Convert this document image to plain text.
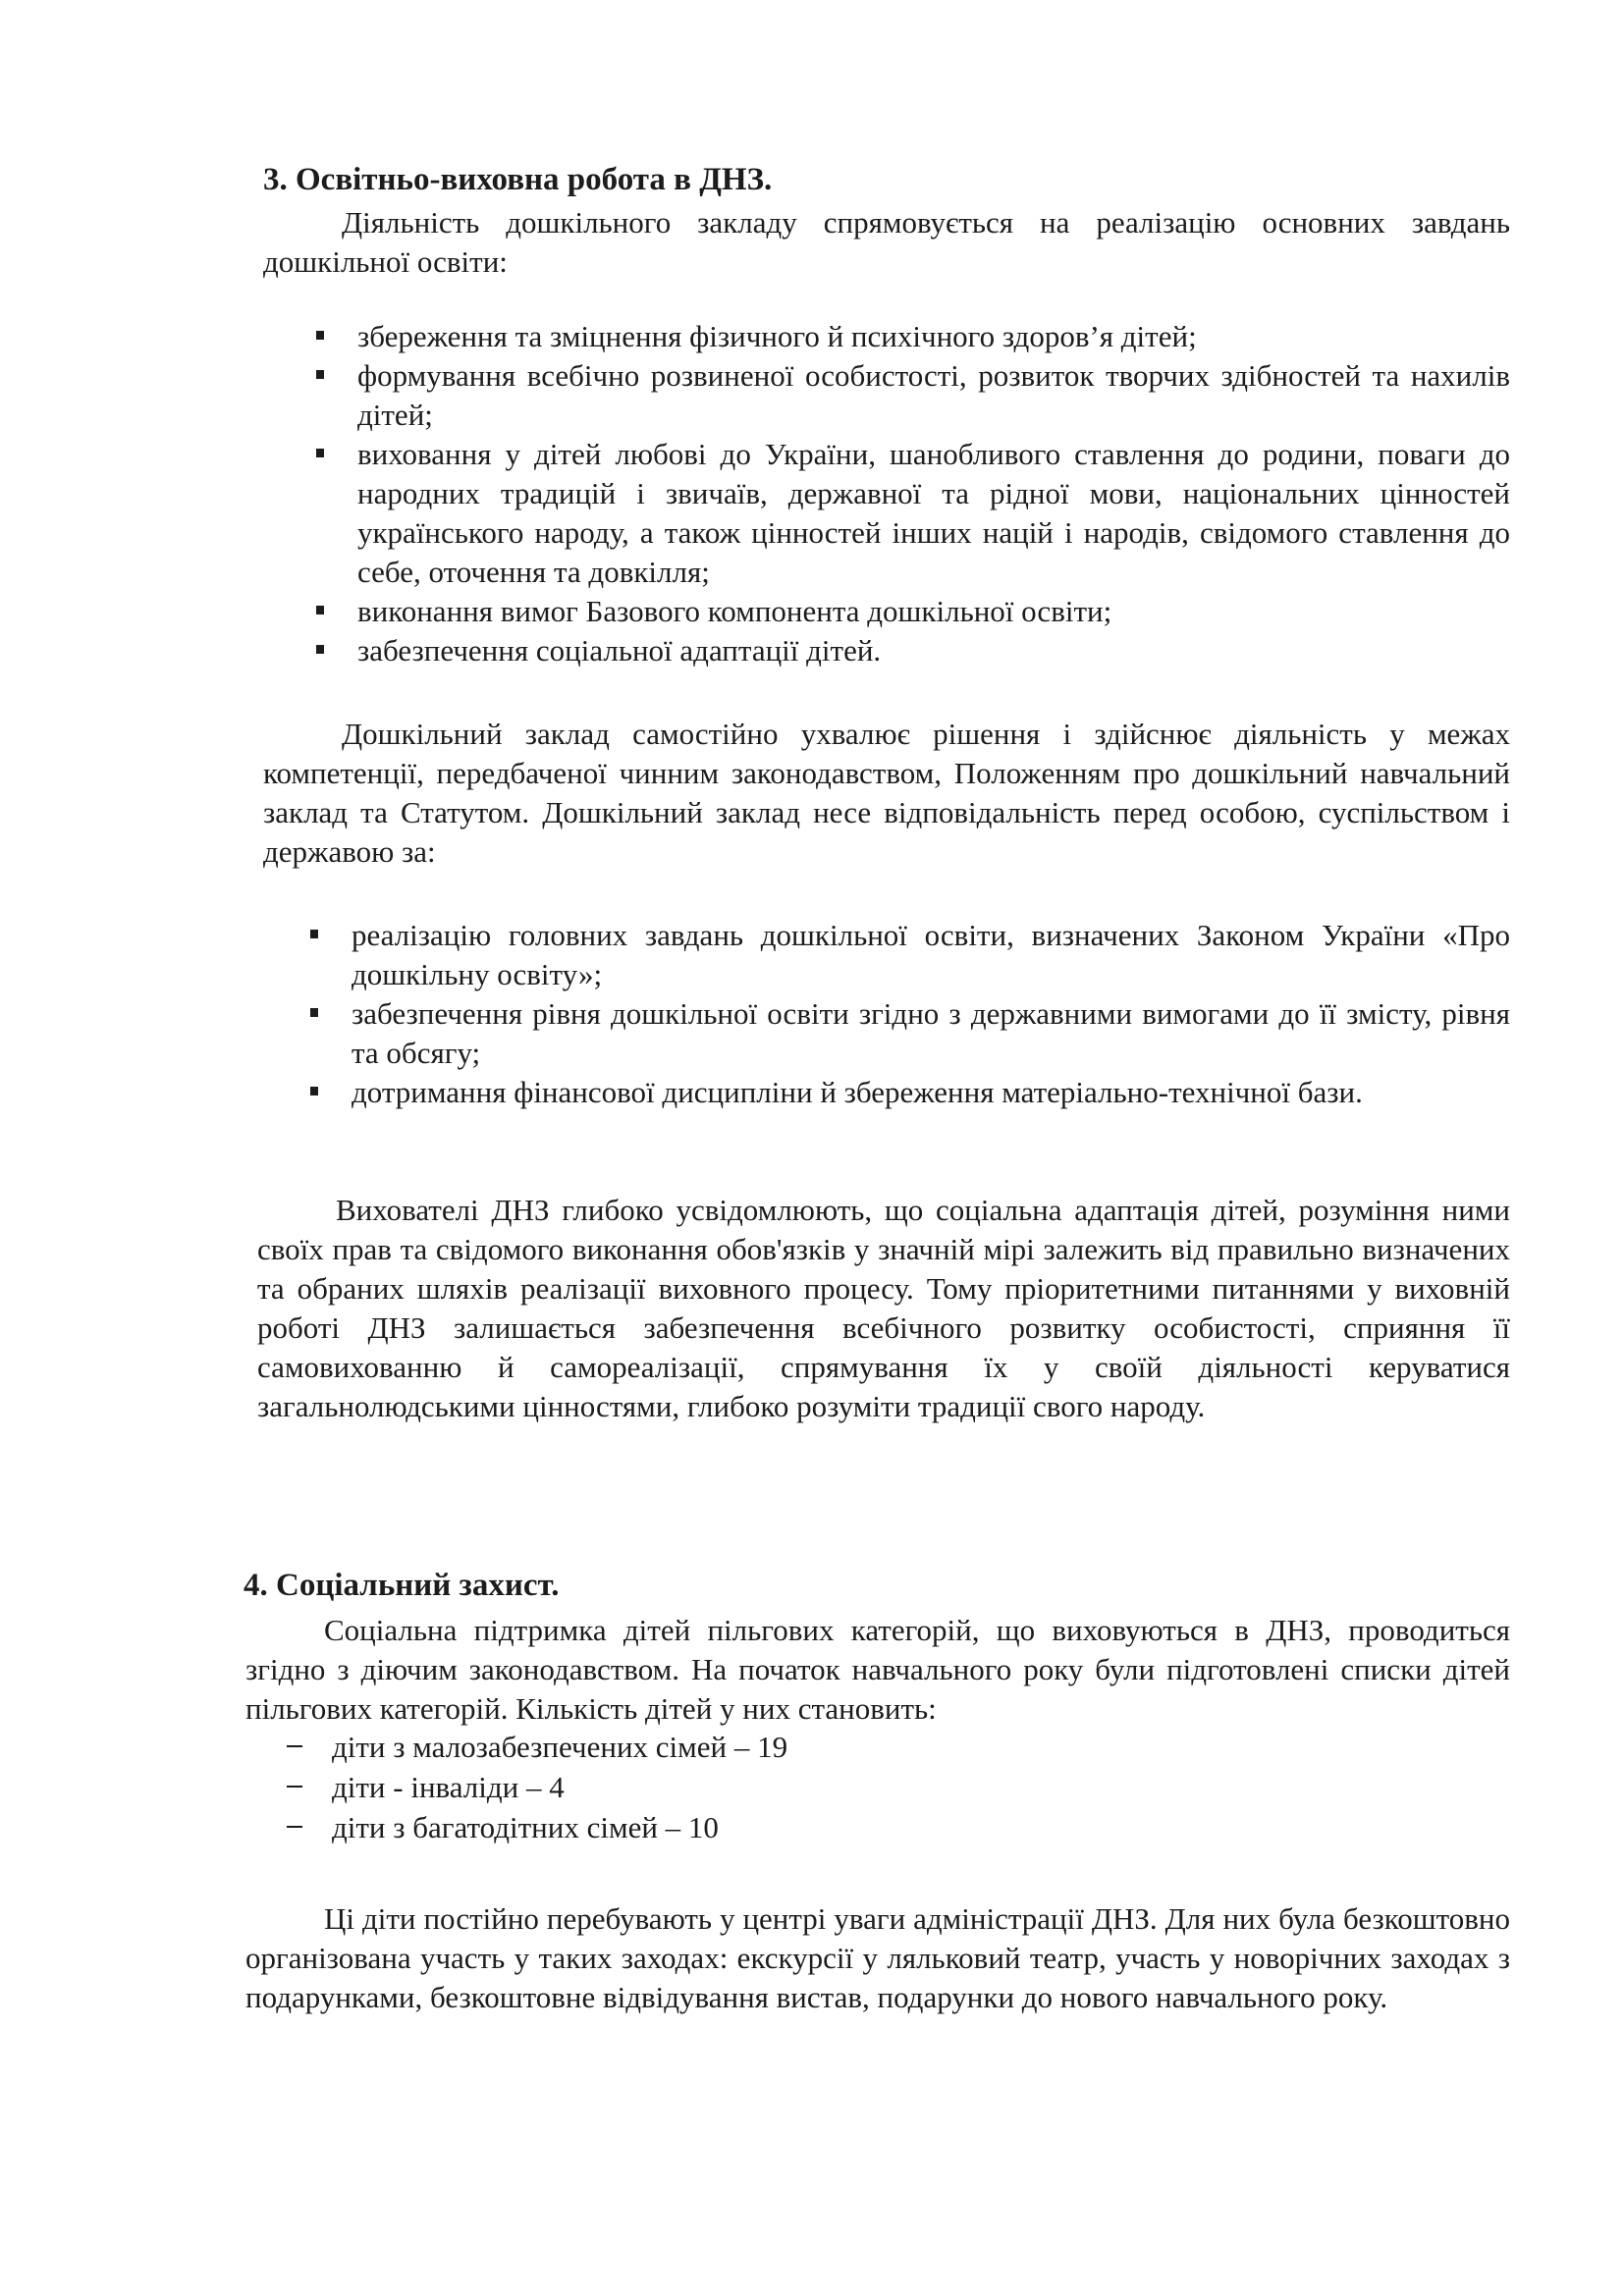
3. Освітньо-виховна робота в ДНЗ.

Діяльність дошкільного закладу спрямовується на реалізацію основних завдань дошкільної освіти:

збереження та зміцнення фізичного й психічного здоров’я дітей;
формування всебічно розвиненої особистості, розвиток творчих здібностей та нахилів дітей;
виховання у дітей любові до України, шанобливого ставлення до родини, поваги до народних традицій і звичаїв, державної та рідної мови, національних цінностей українського народу, а також цінностей інших націй і народів, свідомого ставлення до себе, оточення та довкілля;
виконання вимог Базового компонента дошкільної освіти;
забезпечення соціальної адаптації дітей.

Дошкільний заклад самостійно ухвалює рішення і здійснює діяльність у межах компетенції, передбаченої чинним законодавством, Положенням про дошкільний навчальний заклад та Статутом. Дошкільний заклад несе відповідальність перед особою, суспільством і державою за:

реалізацію головних завдань дошкільної освіти, визначених Законом України «Про дошкільну освіту»;
забезпечення рівня дошкільної освіти згідно з державними вимогами до її змісту, рівня та обсягу;
дотримання фінансової дисципліни й збереження матеріально-технічної бази.

Вихователі ДНЗ глибоко усвідомлюють, що соціальна адаптація дітей, розуміння ними своїх прав та свідомого виконання обов'язків у значній мірі залежить від правильно визначених та обраних шляхів реалізації виховного процесу. Тому пріоритетними питаннями у виховній роботі ДНЗ залишається забезпечення всебічного розвитку особистості, сприяння її самовихованню й самореалізації, спрямування їх у своїй діяльності керуватися загальнолюдськими цінностями, глибоко розуміти традиції свого народу.

4. Соціальний захист.

Соціальна підтримка дітей пільгових категорій, що виховуються в ДНЗ, проводиться згідно з діючим законодавством. На початок навчального року були підготовлені списки дітей пільгових категорій. Кількість дітей у них становить:

діти з малозабезпечених сімей – 19
діти - інваліди – 4
діти з багатодітних сімей – 10

Ці діти постійно перебувають у центрі уваги адміністрації ДНЗ. Для них була безкоштовно організована участь у таких заходах: екскурсії у ляльковий театр, участь у новорічних заходах з подарунками, безкоштовне відвідування вистав, подарунки до нового навчального року.
